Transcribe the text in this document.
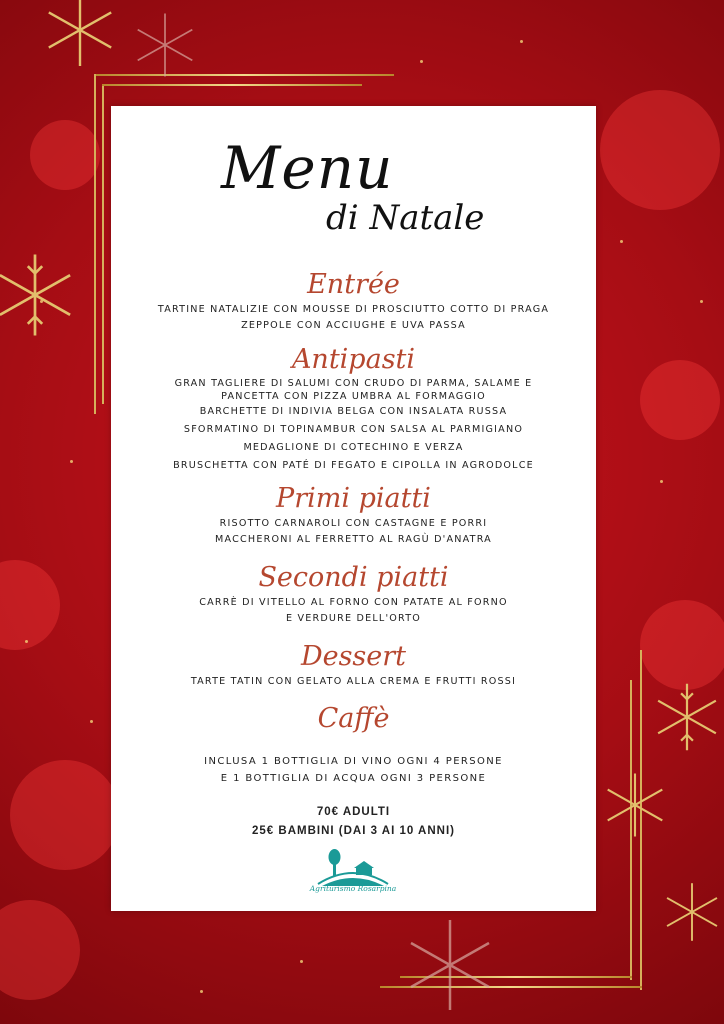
Menu
di Natale
Entrée
TARTINE NATALIZIE CON MOUSSE DI PROSCIUTTO COTTO DI PRAGA
ZEPPOLE CON ACCIUGHE E UVA PASSA
Antipasti
GRAN TAGLIERE DI SALUMI CON CRUDO DI PARMA, SALAME E
PANCETTA CON PIZZA UMBRA AL FORMAGGIO
BARCHETTE DI INDIVIA BELGA CON INSALATA RUSSA
SFORMATINO DI TOPINAMBUR CON SALSA AL PARMIGIANO
MEDAGLIONE DI COTECHINO E VERZA
BRUSCHETTA CON PATÉ DI FEGATO E CIPOLLA IN AGRODOLCE
Primi piatti
RISOTTO CARNAROLI CON CASTAGNE E PORRI
MACCHERONI AL FERRETTO AL RAGÙ D'ANATRA
Secondi piatti
CARRÈ DI VITELLO AL FORNO CON PATATE AL FORNO
E VERDURE DELL'ORTO
Dessert
TARTE TATIN CON GELATO ALLA CREMA E FRUTTI ROSSI
Caffè
INCLUSA 1 BOTTIGLIA DI VINO OGNI 4 PERSONE
E 1 BOTTIGLIA DI ACQUA OGNI 3 PERSONE
70€ ADULTI
25€ BAMBINI (DAI 3 AI 10 ANNI)
Agriturismo Rosarpina
